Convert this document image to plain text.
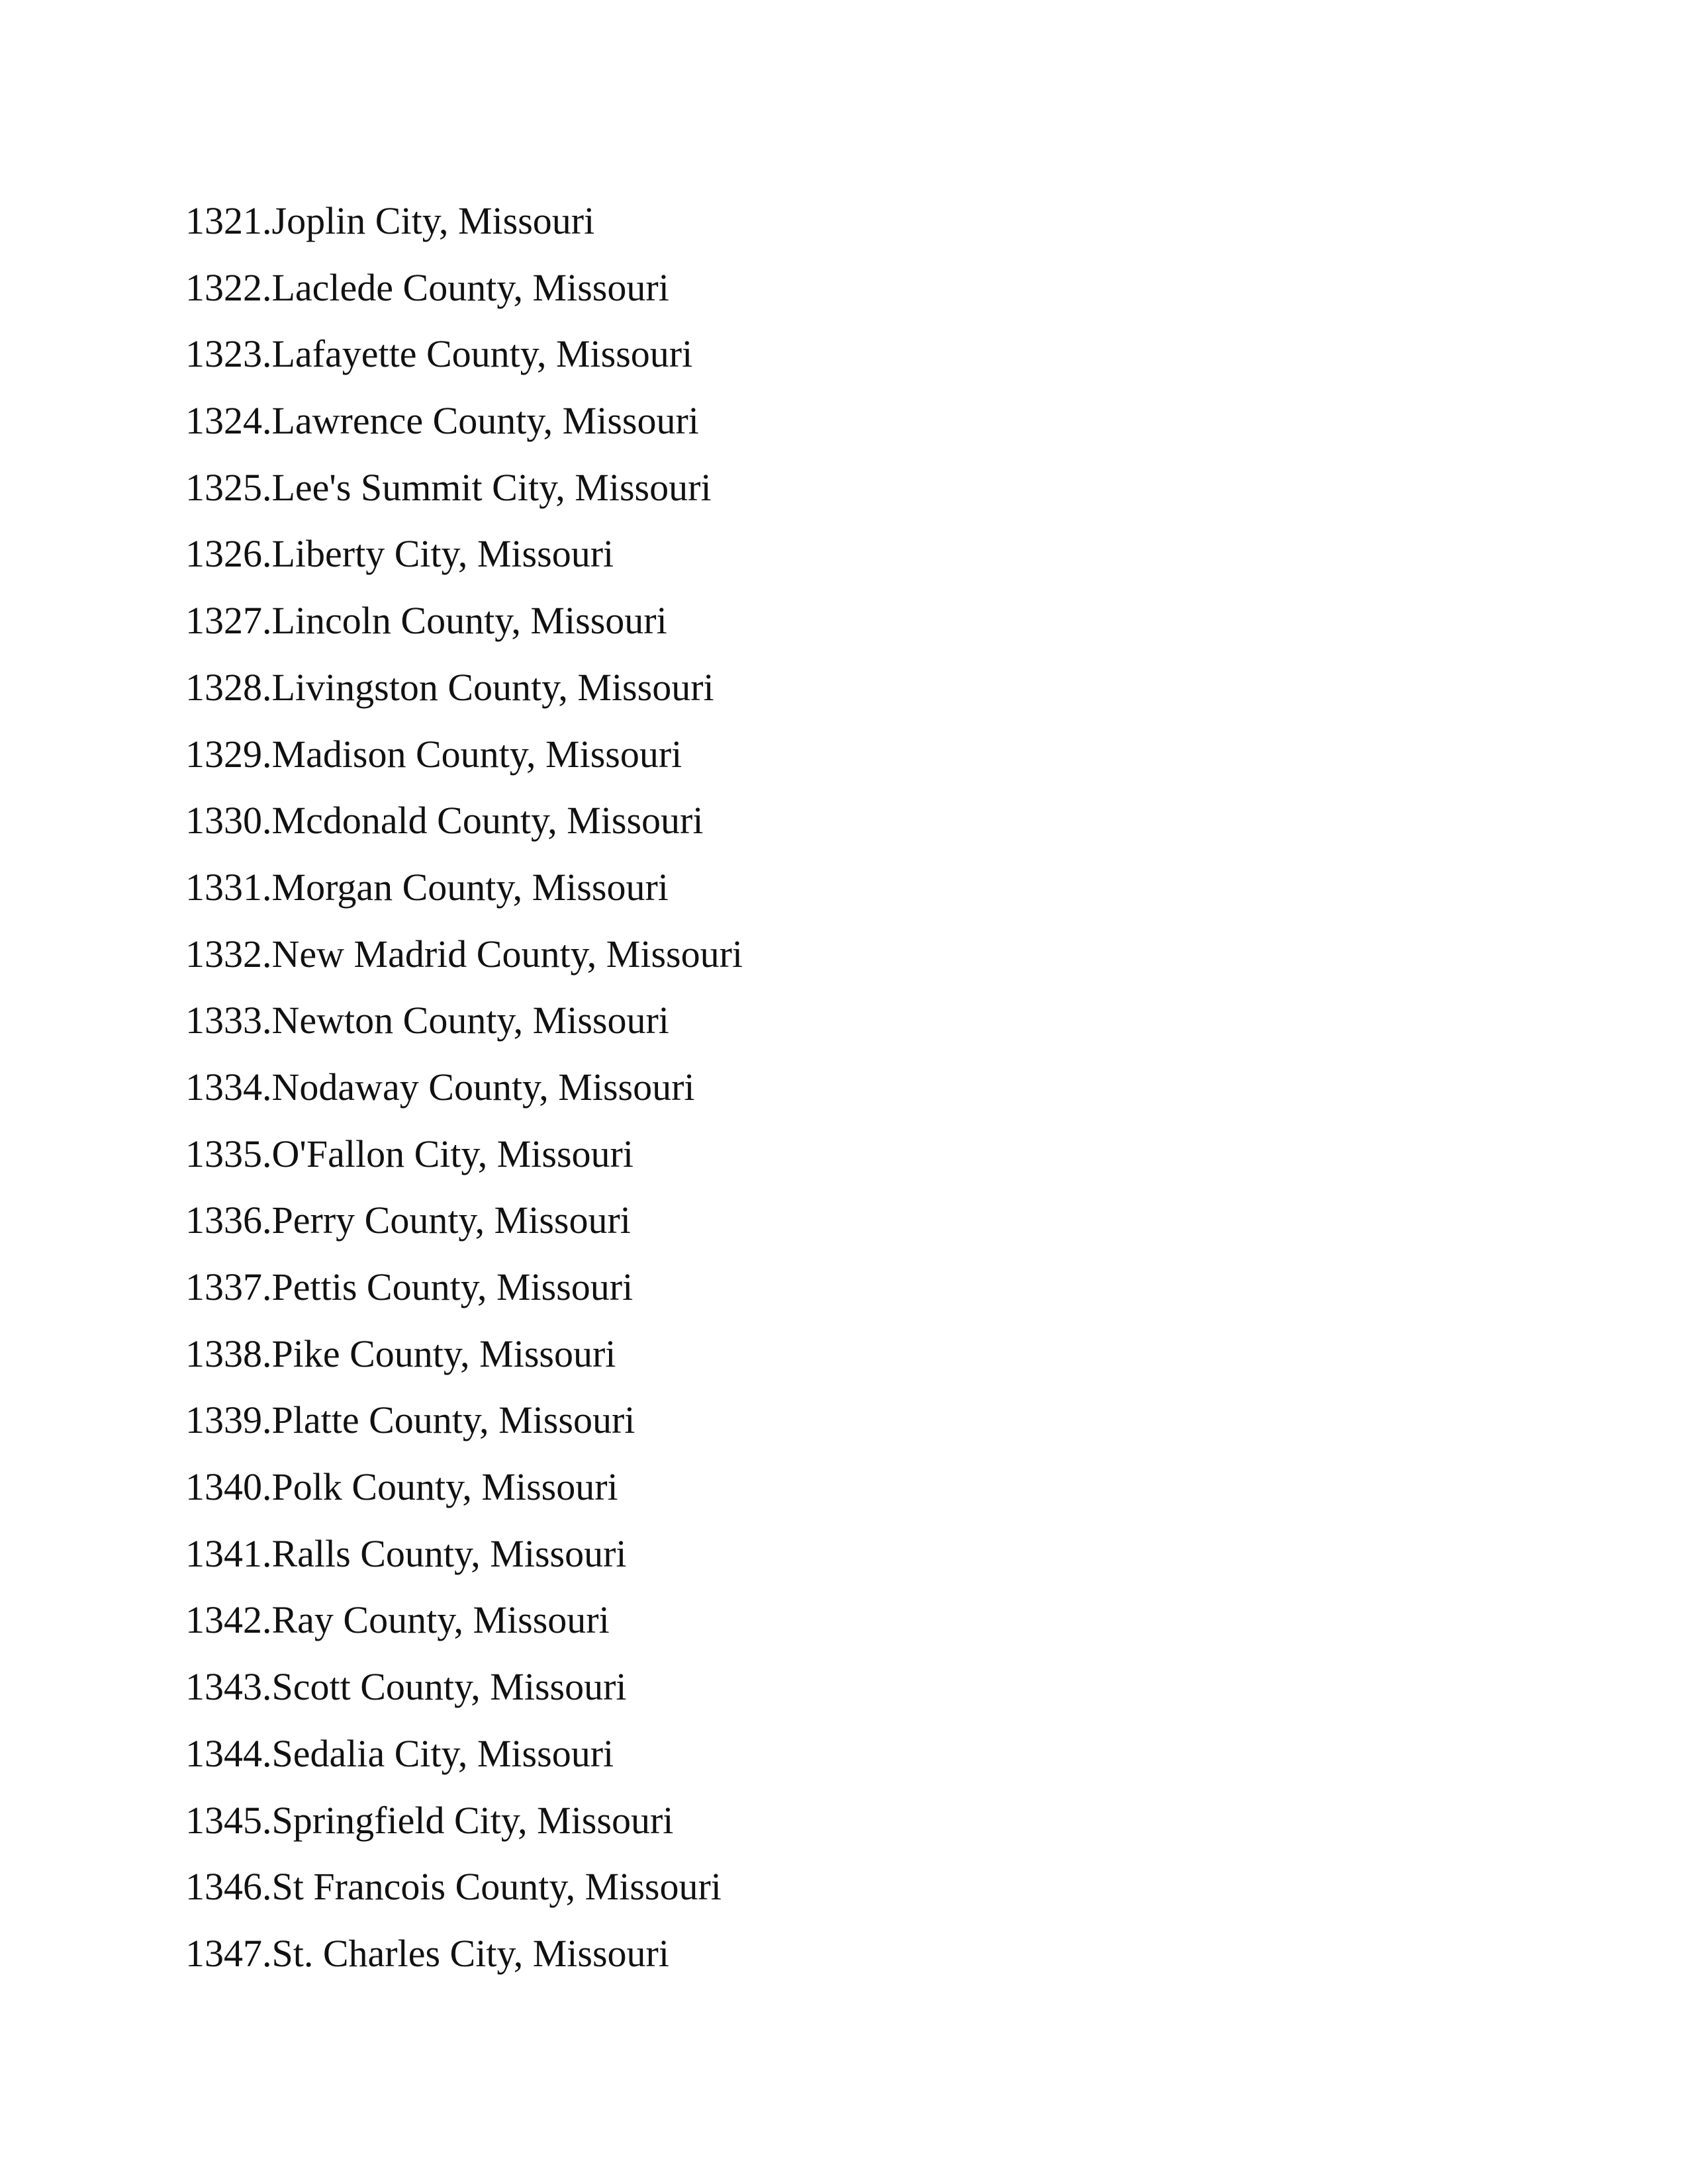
1321.Joplin City, Missouri
1322.Laclede County, Missouri
1323.Lafayette County, Missouri
1324.Lawrence County, Missouri
1325.Lee's Summit City, Missouri
1326.Liberty City, Missouri
1327.Lincoln County, Missouri
1328.Livingston County, Missouri
1329.Madison County, Missouri
1330.Mcdonald County, Missouri
1331.Morgan County, Missouri
1332.New Madrid County, Missouri
1333.Newton County, Missouri
1334.Nodaway County, Missouri
1335.O'Fallon City, Missouri
1336.Perry County, Missouri
1337.Pettis County, Missouri
1338.Pike County, Missouri
1339.Platte County, Missouri
1340.Polk County, Missouri
1341.Ralls County, Missouri
1342.Ray County, Missouri
1343.Scott County, Missouri
1344.Sedalia City, Missouri
1345.Springfield City, Missouri
1346.St Francois County, Missouri
1347.St. Charles City, Missouri
